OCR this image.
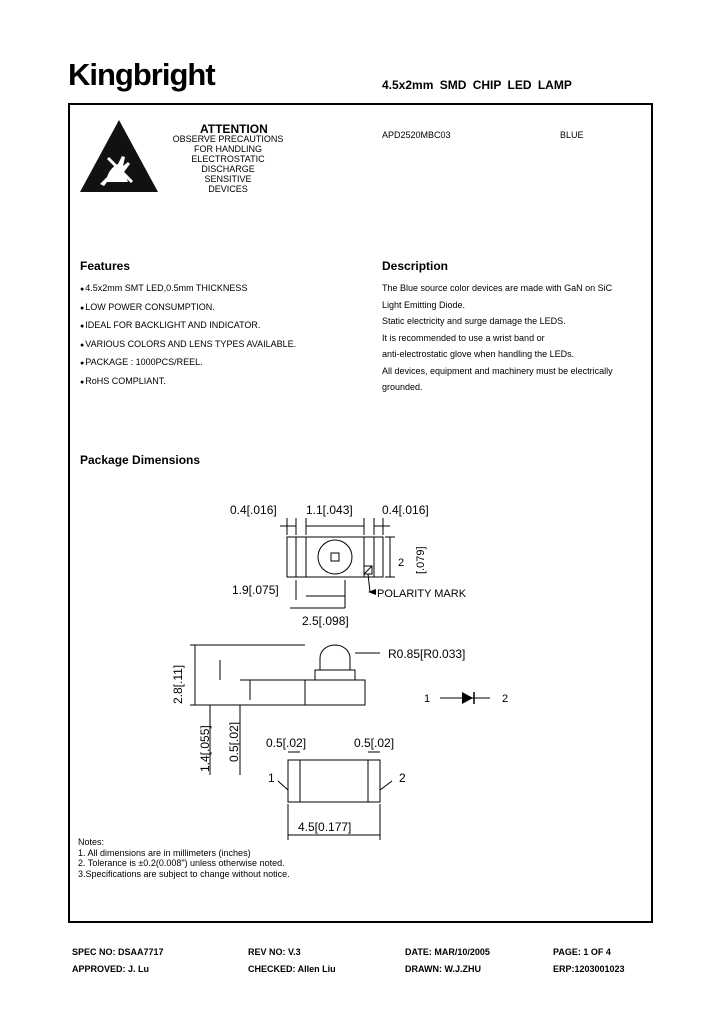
Kingbright	4.5x2mm SMD CHIP LED LAMP
ATTENTION
OBSERVE PRECAUTIONS
FOR HANDLING
ELECTROSTATIC
DISCHARGE
SENSITIVE
DEVICES
APD2520MBC03	BLUE
Features
● 4.5x2mm SMT LED,0.5mm THICKNESS
● LOW POWER CONSUMPTION.
● IDEAL FOR BACKLIGHT AND INDICATOR.
● VARIOUS COLORS AND LENS TYPES AVAILABLE.
● PACKAGE : 1000PCS/REEL.
● RoHS COMPLIANT.
Description
The Blue source color devices are made with GaN on SiC
Light Emitting Diode.
Static electricity and surge damage the LEDS.
It is recommended to use a wrist band or
anti-electrostatic glove when handling the LEDs.
All devices, equipment and machinery must be electrically
grounded.
Package Dimensions
0.4[.016] 1.1[.043] 0.4[.016]
2 [.079]
1.9[.075]
2.5[.098]
POLARITY MARK
2.8[.11]
R0.85[R0.033]
1.4[.055] 0.5[.02] 0.5[.02]	0.5[.02]
1	2
4.5[0.177]
1	2
Notes:
1. All dimensions are in millimeters (inches)
2. Tolerance is ±0.2(0.008") unless otherwise noted.
3.Specifications are subject to change without notice.
SPEC NO: DSAA7717	REV NO: V.3	DATE: MAR/10/2005	PAGE: 1 OF 4
APPROVED: J. Lu	CHECKED: Allen Liu	DRAWN: W.J.ZHU	ERP:1203001023
